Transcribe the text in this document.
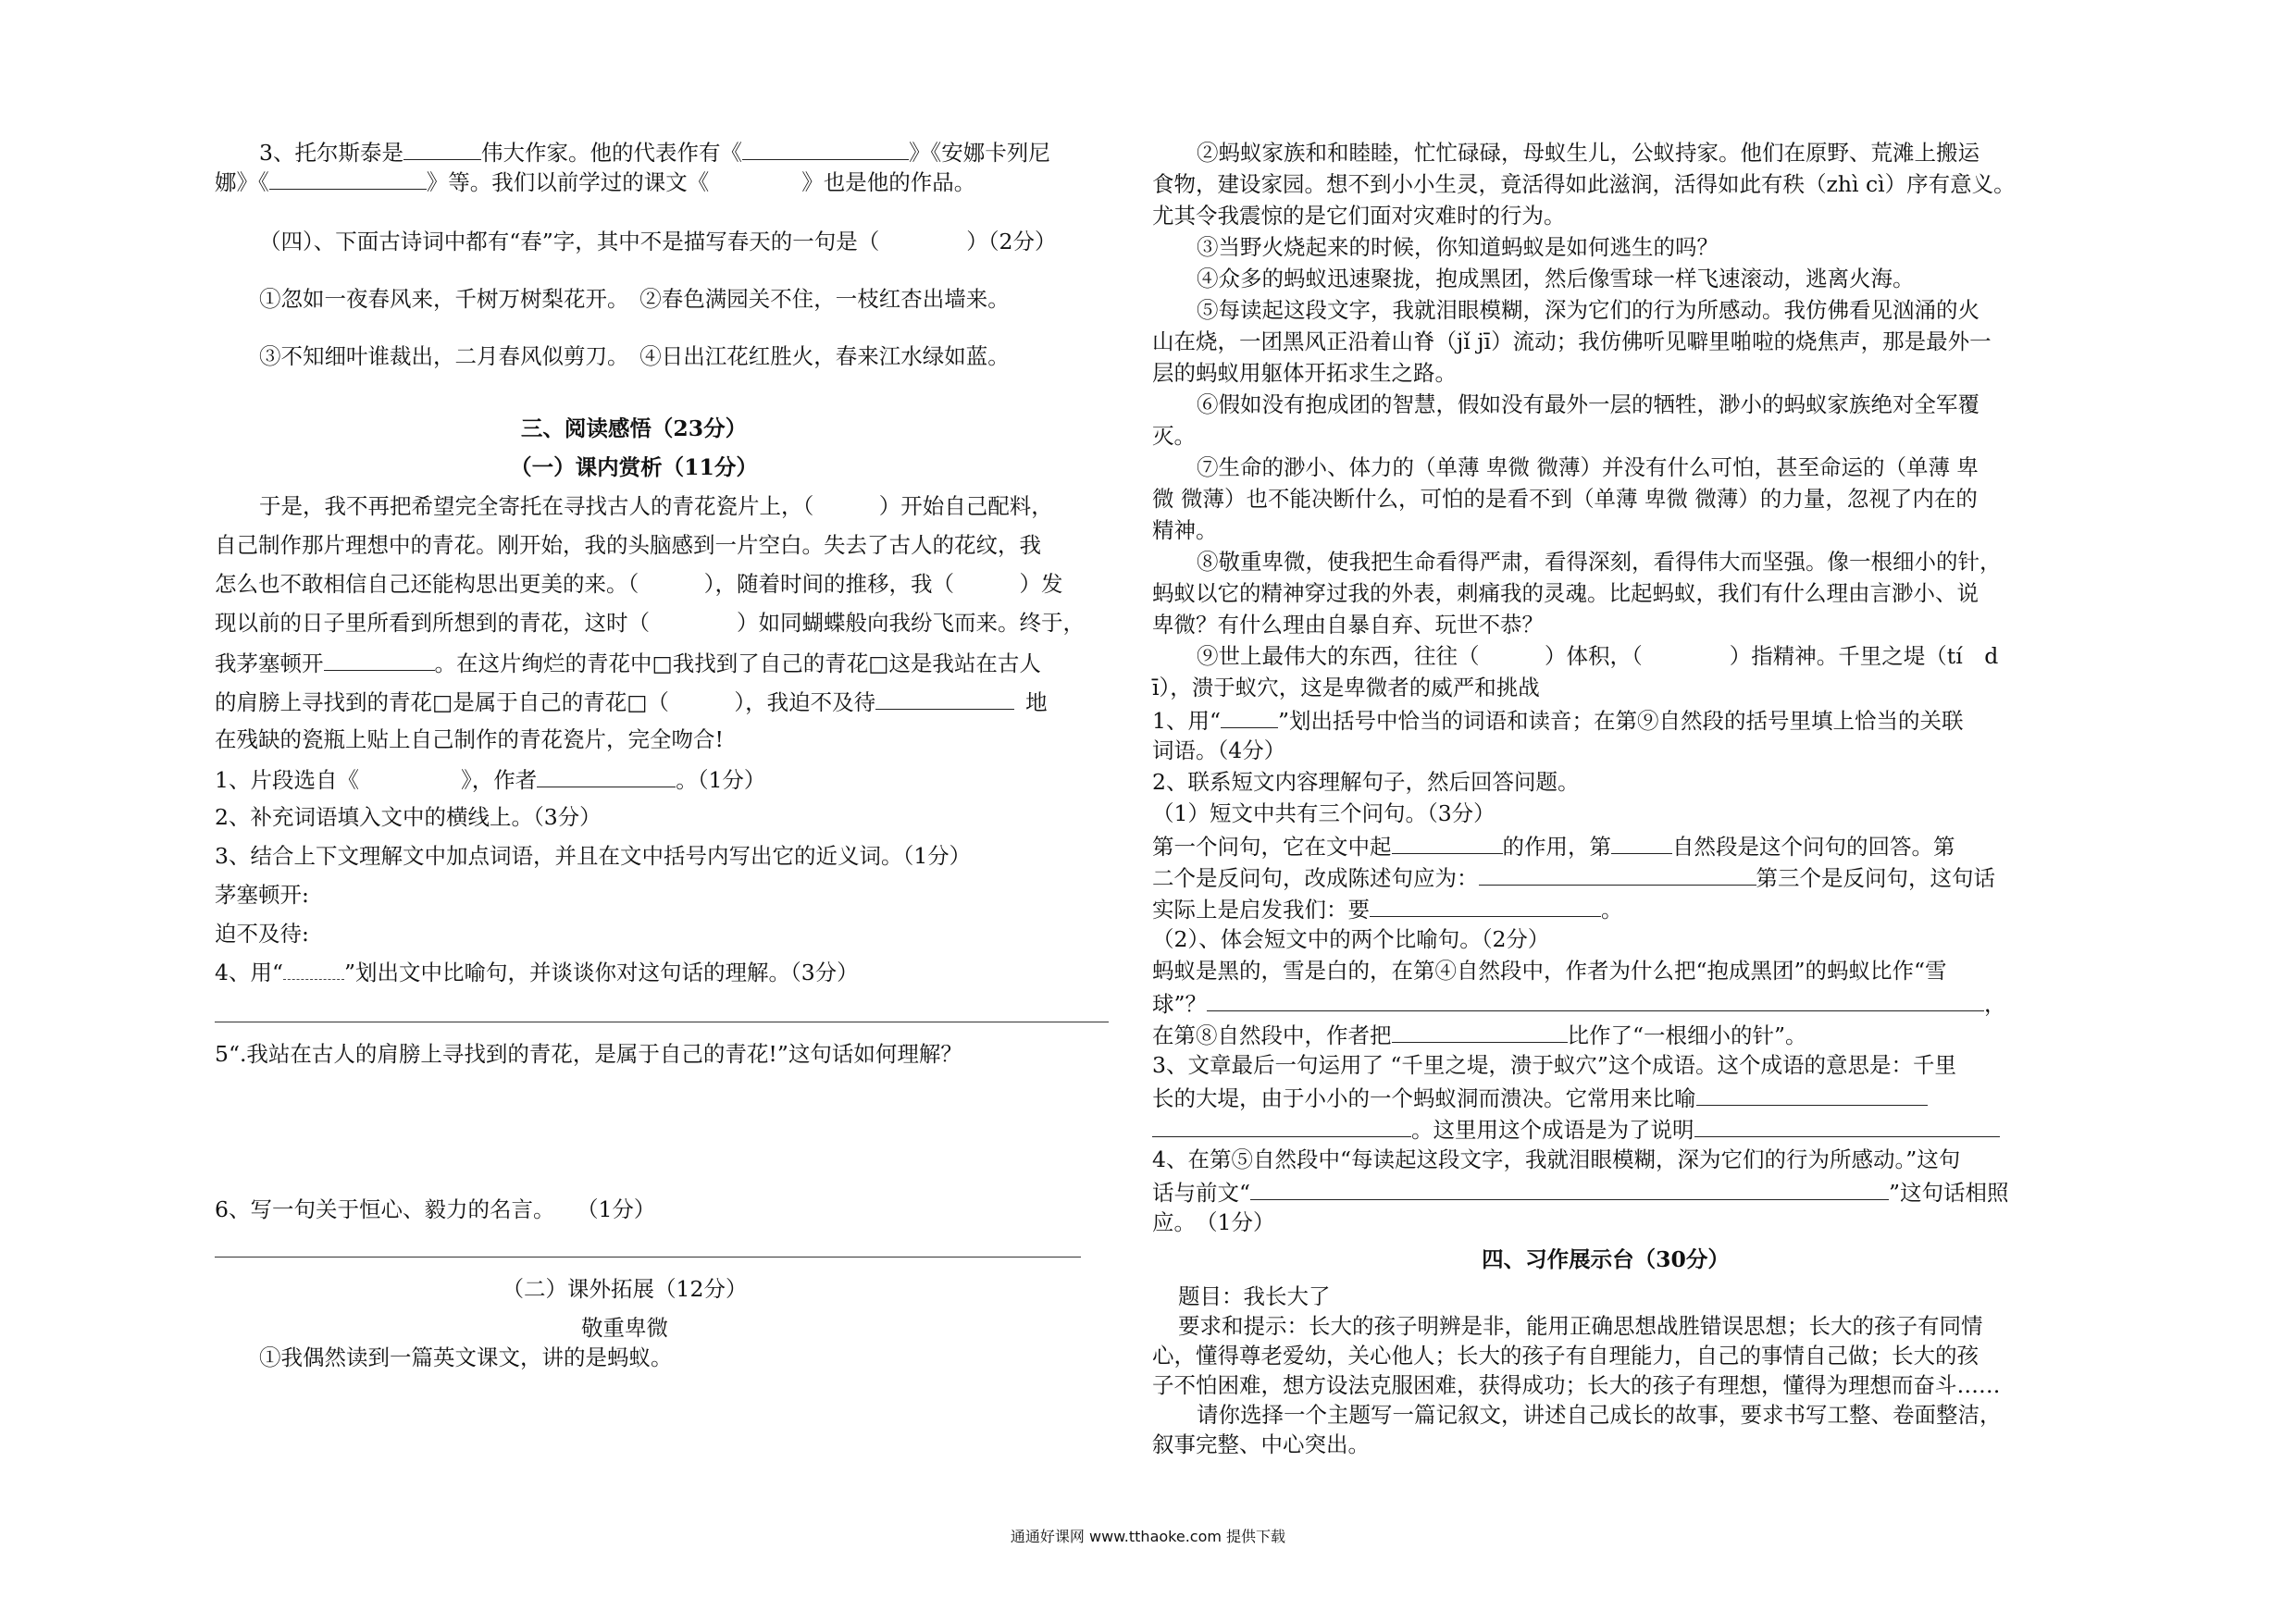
3、托尔斯泰是	伟大作家。他的代表作有《	》《安娜卡列尼
娜》《	》等。我们以前学过的课文《	》也是他的作品。
（四）、下面古诗词中都有“春”字，其中不是描写春天的一句是（　　　　）（2分）
①忽如一夜春风来，千树万树梨花开。　②春色满园关不住，一枝红杏出墙来。
③不知细叶谁裁出，二月春风似剪刀。　④日出江花红胜火，春来江水绿如蓝。
三、阅读感悟（23分）
（一）课内赏析（11分）
于是，我不再把希望完全寄托在寻找古人的青花瓷片上，（　　　）开始自己配料，
自己制作那片理想中的青花。刚开始，我的头脑感到一片空白。失去了古人的花纹，我
怎么也不敢相信自己还能构思出更美的来。（　　　），随着时间的推移，我（　　　）发
现以前的日子里所看到所想到的青花，这时（　　　　）如同蝴蝶般向我纷飞而来。终于，
我茅塞顿开	。在这片绚烂的青花中□我找到了自己的青花□这是我站在古人
的肩膀上寻找到的青花□是属于自己的青花□（　　　），我迫不及待	地
在残缺的瓷瓶上贴上自己制作的青花瓷片，完全吻合!
1、片段选自《	》，作者	。（1分）
2、补充词语填入文中的横线上。（3分）
3、结合上下文理解文中加点词语，并且在文中括号内写出它的近义词。（1分）
茅塞顿开:
迫不及待:
4、用“	”划出文中比喻句，并谈谈你对这句话的理解。（3分）
5“.我站在古人的肩膀上寻找到的青花，是属于自己的青花!”这句话如何理解？
6、写一句关于恒心、毅力的名言。　　（1分）
（二）课外拓展（12分）
敬重卑微
①我偶然读到一篇英文课文，讲的是蚂蚁。
②蚂蚁家族和和睦睦，忙忙碌碌，母蚁生儿，公蚁持家。他们在原野、荒滩上搬运
食物，建设家园。想不到小小生灵，竟活得如此滋润，活得如此有秩（zhì cì）序有意义。
尤其令我震惊的是它们面对灾难时的行为。
③当野火烧起来的时候，你知道蚂蚁是如何逃生的吗？
④众多的蚂蚁迅速聚拢，抱成黑团，然后像雪球一样飞速滚动，逃离火海。
⑤每读起这段文字，我就泪眼模糊，深为它们的行为所感动。我仿佛看见汹涌的火
山在烧，一团黑风正沿着山脊（jǐ jī）流动；我仿佛听见噼里啪啦的烧焦声，那是最外一
层的蚂蚁用躯体开拓求生之路。
⑥假如没有抱成团的智慧，假如没有最外一层的牺牲，渺小的蚂蚁家族绝对全军覆
灭。
⑦生命的渺小、体力的（单薄 卑微 微薄）并没有什么可怕，甚至命运的（单薄 卑
微 微薄）也不能决断什么，可怕的是看不到（单薄 卑微 微薄）的力量，忽视了内在的
精神。
⑧敬重卑微，使我把生命看得严肃，看得深刻，看得伟大而坚强。像一根细小的针，
蚂蚁以它的精神穿过我的外表，刺痛我的灵魂。比起蚂蚁，我们有什么理由言渺小、说
卑微？有什么理由自暴自弃、玩世不恭？
⑨世上最伟大的东西，往往（　　　）体积，（　　　　）指精神。千里之堤（tí　d
ī），溃于蚁穴，这是卑微者的威严和挑战
1、用“	”划出括号中恰当的词语和读音；在第⑨自然段的括号里填上恰当的关联
词语。（4分）
2、联系短文内容理解句子，然后回答问题。
（1）短文中共有三个问句。（3分）
第一个问句，它在文中起	的作用，第	自然段是这个问句的回答。第
二个是反问句，改成陈述句应为：	第三个是反问句，这句话
实际上是启发我们：要	。
（2）、体会短文中的两个比喻句。（2分）
蚂蚁是黑的，雪是白的，在第④自然段中，作者为什么把“抱成黑团”的蚂蚁比作“雪
球”？	，
在第⑧自然段中，作者把	比作了“一根细小的针”。
3、文章最后一句运用了 “千里之堤，溃于蚁穴”这个成语。这个成语的意思是：千里
长的大堤，由于小小的一个蚂蚁洞而溃决。它常用来比喻
。这里用这个成语是为了说明
4、在第⑤自然段中“每读起这段文字，我就泪眼模糊，深为它们的行为所感动。”这句
话与前文“	”这句话相照
应。　（1分）
四、习作展示台（30分）
题目：我长大了
要求和提示：长大的孩子明辨是非，能用正确思想战胜错误思想；长大的孩子有同情
心，懂得尊老爱幼，关心他人；长大的孩子有自理能力，自己的事情自己做；长大的孩
子不怕困难，想方设法克服困难，获得成功；长大的孩子有理想，懂得为理想而奋斗……
请你选择一个主题写一篇记叙文，讲述自己成长的故事，要求书写工整、卷面整洁，
叙事完整、中心突出。
通通好课网 www.tthaoke.com 提供下载
